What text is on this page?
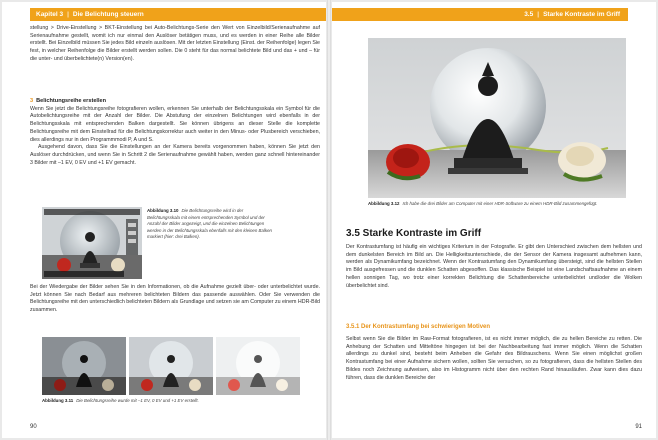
Kapitel 3 | Die Belichtung steuern

stellung > Drive-Einstellung > BKT-Einstellung bei Auto-Belichtungs-Serie den Wert von Einzelbild/Serienaufnahme auf Serienaufnahme gestellt, womit ich nur einmal den Auslöser betätigen muss, und es werden in einer Reihe alle Bilder erstellt. Bei Einzelbild müssen Sie jedes Bild einzeln auslösen. Mit der letzten Einstellung (Einst. der Reihenfolge) legen Sie fest, in welcher Reihenfolge die Bilder erstellt werden sollen. Die 0 steht für das normal belichtete Bild und das + und – für die unter- und überbelichtete(n) Version(en).

3 Belichtungsreihe erstellen

Wenn Sie jetzt die Belichtungsreihe fotografieren wollen, erkennen Sie unterhalb der Belichtungsskala ein Symbol für die Autobelichtungsreihe mit der Anzahl der Bilder. Die Abstufung der einzelnen Belichtungen wird ebenfalls in der Belichtungsskala mit entsprechenden Balken dargestellt. Sie können übrigens an dieser Stelle die komplette Belichtungsreihe mit dem Einstellrad für die Belichtungskorrektur auch weiter in den Minus- oder Plusbereich verschieben, dies allerdings nur in den Programmmodi P, A und S.

Ausgehend davon, dass Sie die Einstellungen an der Kamera bereits vorgenommen haben, können Sie jetzt den Auslöser durchdrücken, und wenn Sie in Schritt 2 die Serienaufnahme gewählt haben, werden ganz schnell hintereinander 3 Bilder mit –1 EV, 0 EV und +1 EV gemacht.

Abbildung 3.10 Die Belichtungsreihe wird in der Belichtungsskala mit einem entsprechenden Symbol und der Anzahl der Bilder angezeigt, und die einzelnen Belichtungen werden in der Belichtungsskala ebenfalls mit den kleinen Balken markiert (hier: drei Balken).

Bei der Wiedergabe der Bilder sehen Sie in den Informationen, ob die Aufnahme gezielt über- oder unterbelichtet wurde. Jetzt können Sie nach Bedarf aus mehreren belichteten Bildern das passende auswählen. Oder Sie verwenden die Belichtungsreihe mit den unterschiedlich belichteten Bildern als Grundlage und setzen sie am Computer zu einem HDR-Bild zusammen.

Abbildung 3.11 Die Belichtungsreihe wurde mit –1 EV, 0 EV und +1 EV erstellt.
90
3.5 | Starke Kontraste im Griff
Abbildung 3.12 Ich habe die drei Bilder am Computer mit einer HDR-Software zu einem HDR-Bild zusammengefügt.
3.5 Starke Kontraste im Griff

Der Kontrastumfang ist häufig ein wichtiges Kriterium in der Fotografie. Er gibt den Unterschied zwischen dem hellsten und dem dunkelsten Bereich im Bild an. Die Helligkeitsunterschiede, die der Sensor der Kamera insgesamt aufnehmen kann, werden als Dynamikumfang bezeichnet. Wenn der Kontrastumfang den Dynamikumfang übersteigt, sind die hellsten Stellen im Bild ausgefressen und die dunklen Schatten abgesoffen. Das klassische Beispiel ist eine Landschaftsaufnahme an einem hellen sonnigen Tag, wo trotz einer korrekten Belichtung die Schattenbereiche unterbelichtet und/oder die Wolken überbelichtet sind.

3.5.1 Der Kontrastumfang bei schwierigen Motiven

Selbst wenn Sie die Bilder im Raw-Format fotografieren, ist es nicht immer möglich, die zu hellen Bereiche zu retten. Die Anhebung der Schatten und Mitteltöne hingegen ist bei der Nachbearbeitung fast immer möglich. Wenn die Schatten allerdings zu dunkel sind, besteht beim Anheben die Gefahr des Bildrauschens. Wenn Sie einen möglichst großen Kontrastumfang bei einer Aufnahme sichern wollen, sollten Sie versuchen, so zu fotografieren, dass die hellsten Stellen des Bildes noch Zeichnung aufweisen, also im Histogramm nicht über den rechten Rand hinausläufen. Zwar kann dies dazu führen, dass die dunklen Bereiche der

91
